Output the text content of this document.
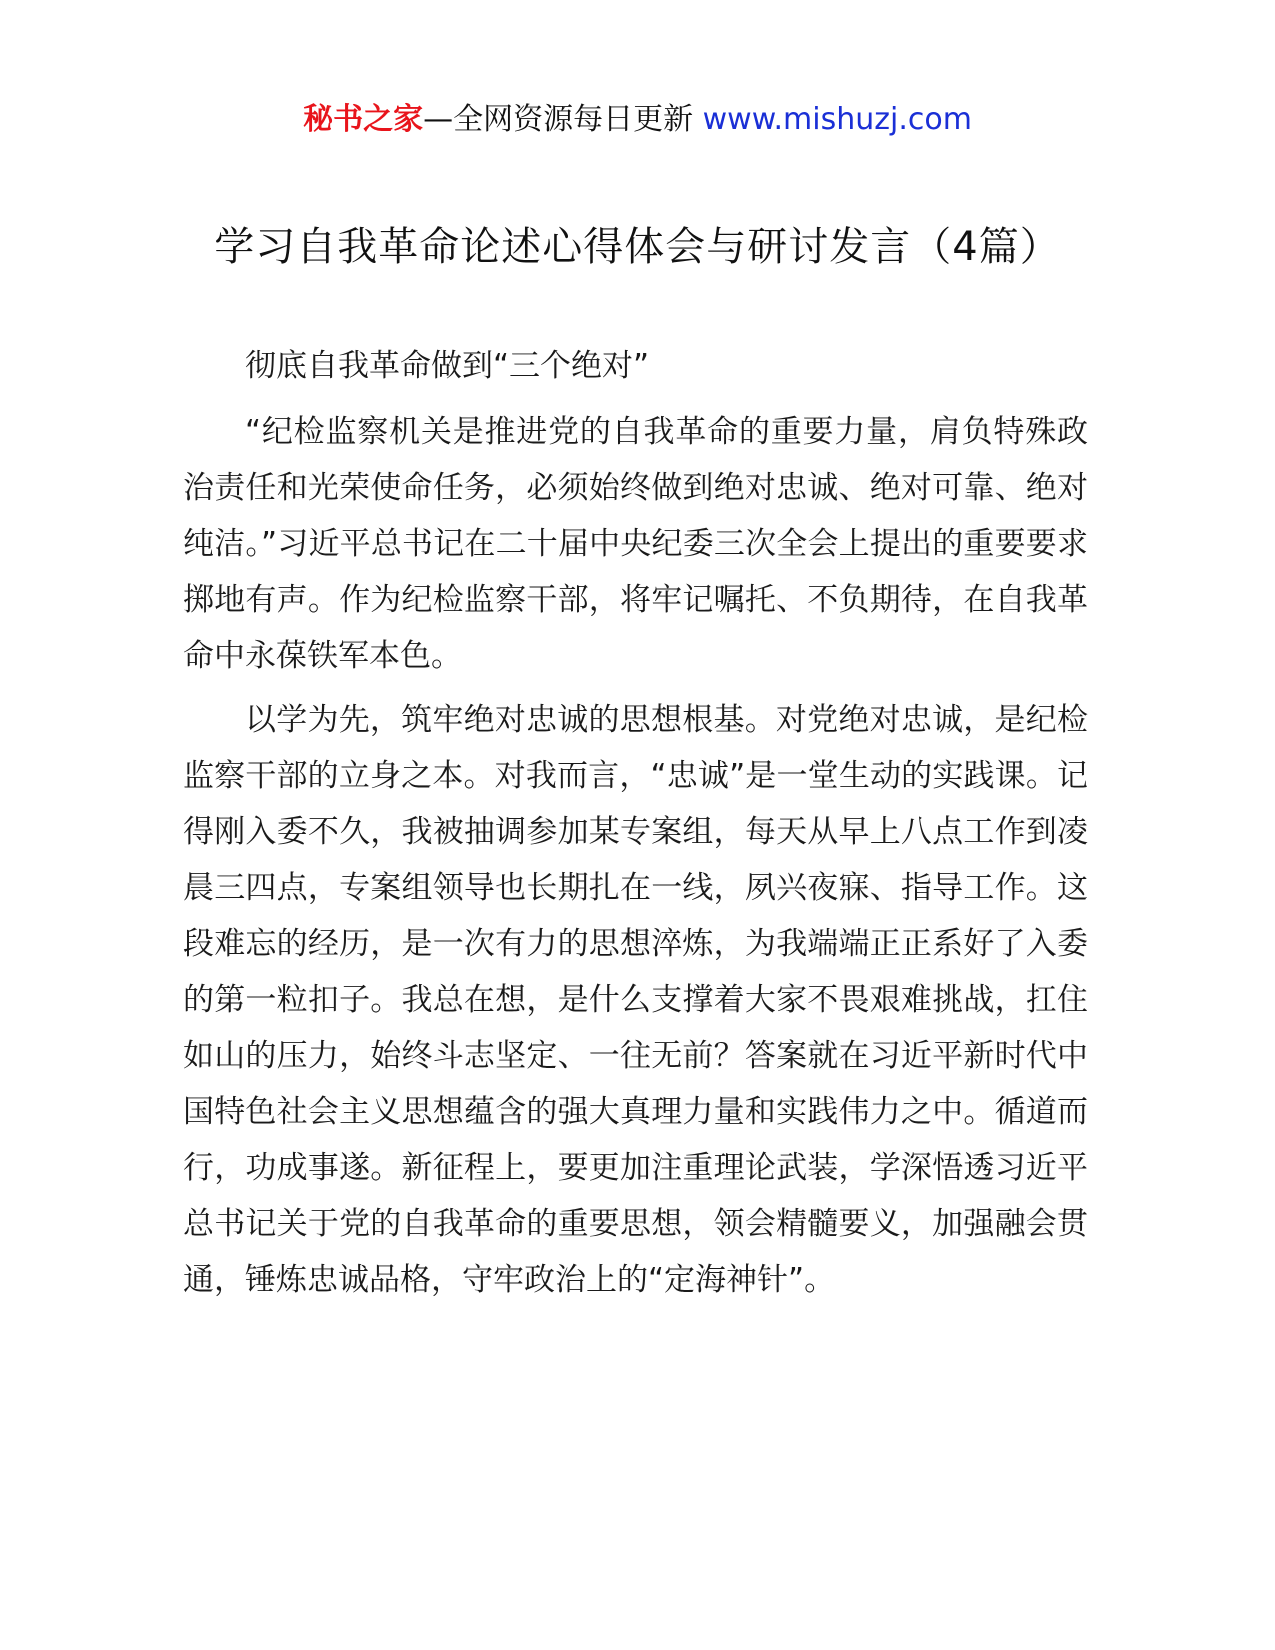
秘书之家—全网资源每日更新 www.mishuzj.com
学习自我革命论述心得体会与研讨发言（4篇）

彻底自我革命做到“三个绝对”

“纪检监察机关是推进党的自我革命的重要力量，肩负特殊政治责任和光荣使命任务，必须始终做到绝对忠诚、绝对可靠、绝对纯洁。”习近平总书记在二十届中央纪委三次全会上提出的重要要求掷地有声。作为纪检监察干部，将牢记嘱托、不负期待，在自我革命中永葆铁军本色。

以学为先，筑牢绝对忠诚的思想根基。对党绝对忠诚，是纪检监察干部的立身之本。对我而言，“忠诚”是一堂生动的实践课。记得刚入委不久，我被抽调参加某专案组，每天从早上八点工作到凌晨三四点，专案组领导也长期扎在一线，夙兴夜寐、指导工作。这段难忘的经历，是一次有力的思想淬炼，为我端端正正系好了入委的第一粒扣子。我总在想，是什么支撑着大家不畏艰难挑战，扛住如山的压力，始终斗志坚定、一往无前？答案就在习近平新时代中国特色社会主义思想蕴含的强大真理力量和实践伟力之中。循道而行，功成事遂。新征程上，要更加注重理论武装，学深悟透习近平总书记关于党的自我革命的重要思想，领会精髓要义，加强融会贯通，锤炼忠诚品格，守牢政治上的“定海神针”。
